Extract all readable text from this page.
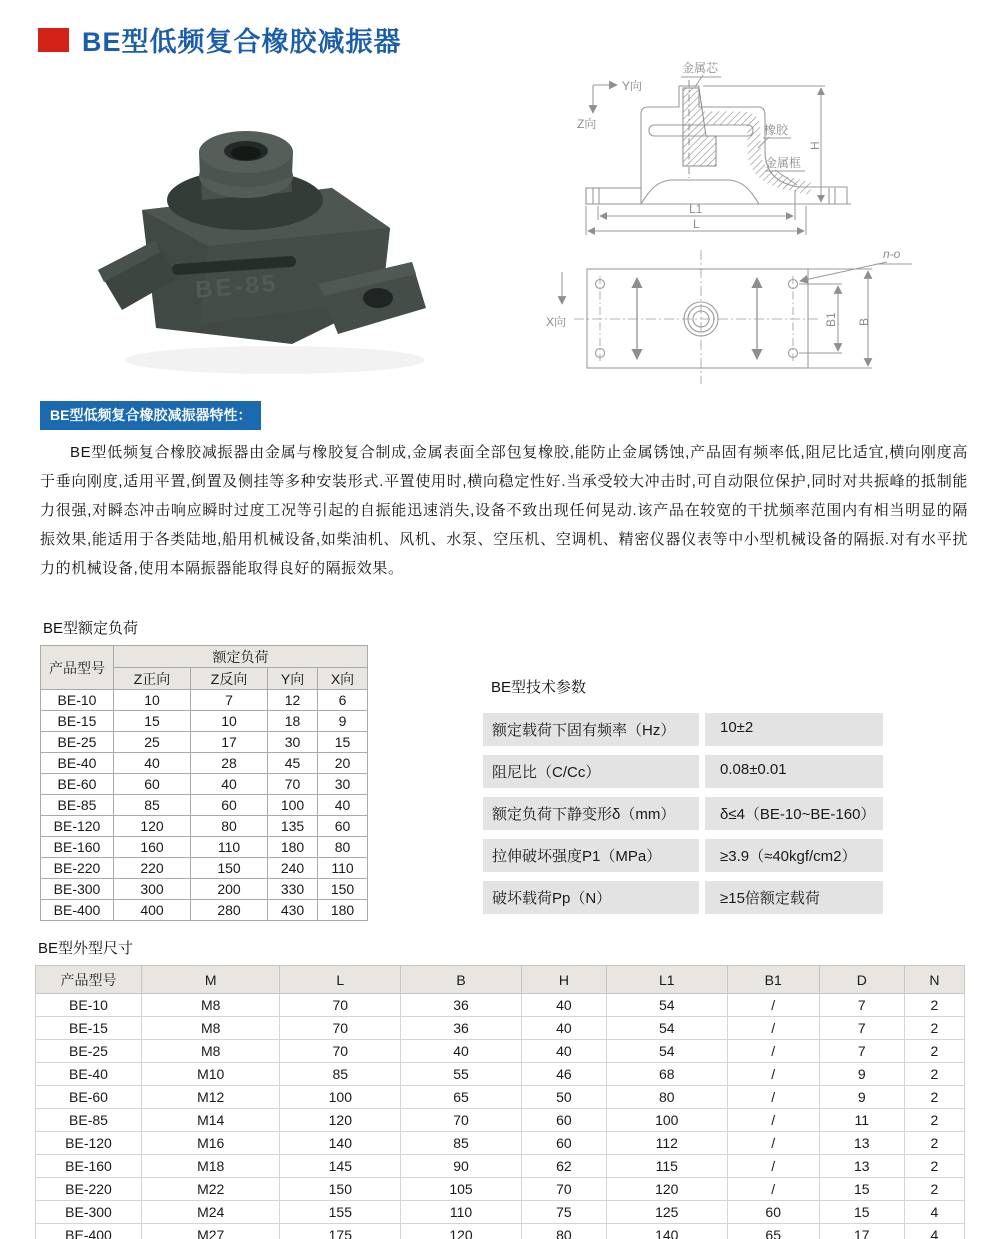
BE型低频复合橡胶减振器
BE-85
金属芯
橡胶
金属框
Y向
Z向
H
L1
L
X向
n-o
B1 B
BE型低频复合橡胶减振器特性：

BE型低频复合橡胶减振器由金属与橡胶复合制成,金属表面全部包复橡胶,能防止金属锈蚀,产品固有频率低,阻尼比适宜,横向刚度高于垂向刚度,适用平置,倒置及侧挂等多种安装形式.平置使用时,横向稳定性好.当承受较大冲击时,可自动限位保护,同时对共振峰的抵制能力很强,对瞬态冲击响应瞬时过度工况等引起的自振能迅速消失,设备不致出现任何晃动.该产品在较宽的干扰频率范围内有相当明显的隔振效果,能适用于各类陆地,船用机械设备,如柴油机、风机、水泵、空压机、空调机、精密仪器仪表等中小型机械设备的隔振.对有水平扰力的机械设备,使用本隔振器能取得良好的隔振效果。

BE型额定负荷
产品型号	额定负荷			
	Z正向	Z反向	Y向	X向
BE-10	10	7	12	6
BE-15	15	10	18	9
BE-25	25	17	30	15
BE-40	40	28	45	20
BE-60	60	40	70	30
BE-85	85	60	100	40
BE-120	120	80	135	60
BE-160	160	110	180	80
BE-220	220	150	240	110
BE-300	300	200	330	150
BE-400	400	280	430	180
BE型技术参数
额定载荷下固有频率（Hz）	10±2
阻尼比（C/Cc）	0.08±0.01
额定负荷下静变形δ（mm）	δ≤4（BE-10~BE-160）
拉伸破坏强度P1（MPa）	≥3.9（≈40kgf/cm2）
破坏载荷Pp（N）	≥15倍额定载荷
BE型外型尺寸
产品型号	M	L	B	H	L1	B1	D	N
BE-10	M8	70	36	40	54	/	7	2
BE-15	M8	70	36	40	54	/	7	2
BE-25	M8	70	40	40	54	/	7	2
BE-40	M10	85	55	46	68	/	9	2
BE-60	M12	100	65	50	80	/	9	2
BE-85	M14	120	70	60	100	/	11	2
BE-120	M16	140	85	60	112	/	13	2
BE-160	M18	145	90	62	115	/	13	2
BE-220	M22	150	105	70	120	/	15	2
BE-300	M24	155	110	75	125	60	15	4
BE-400	M27	175	120	80	140	65	17	4
